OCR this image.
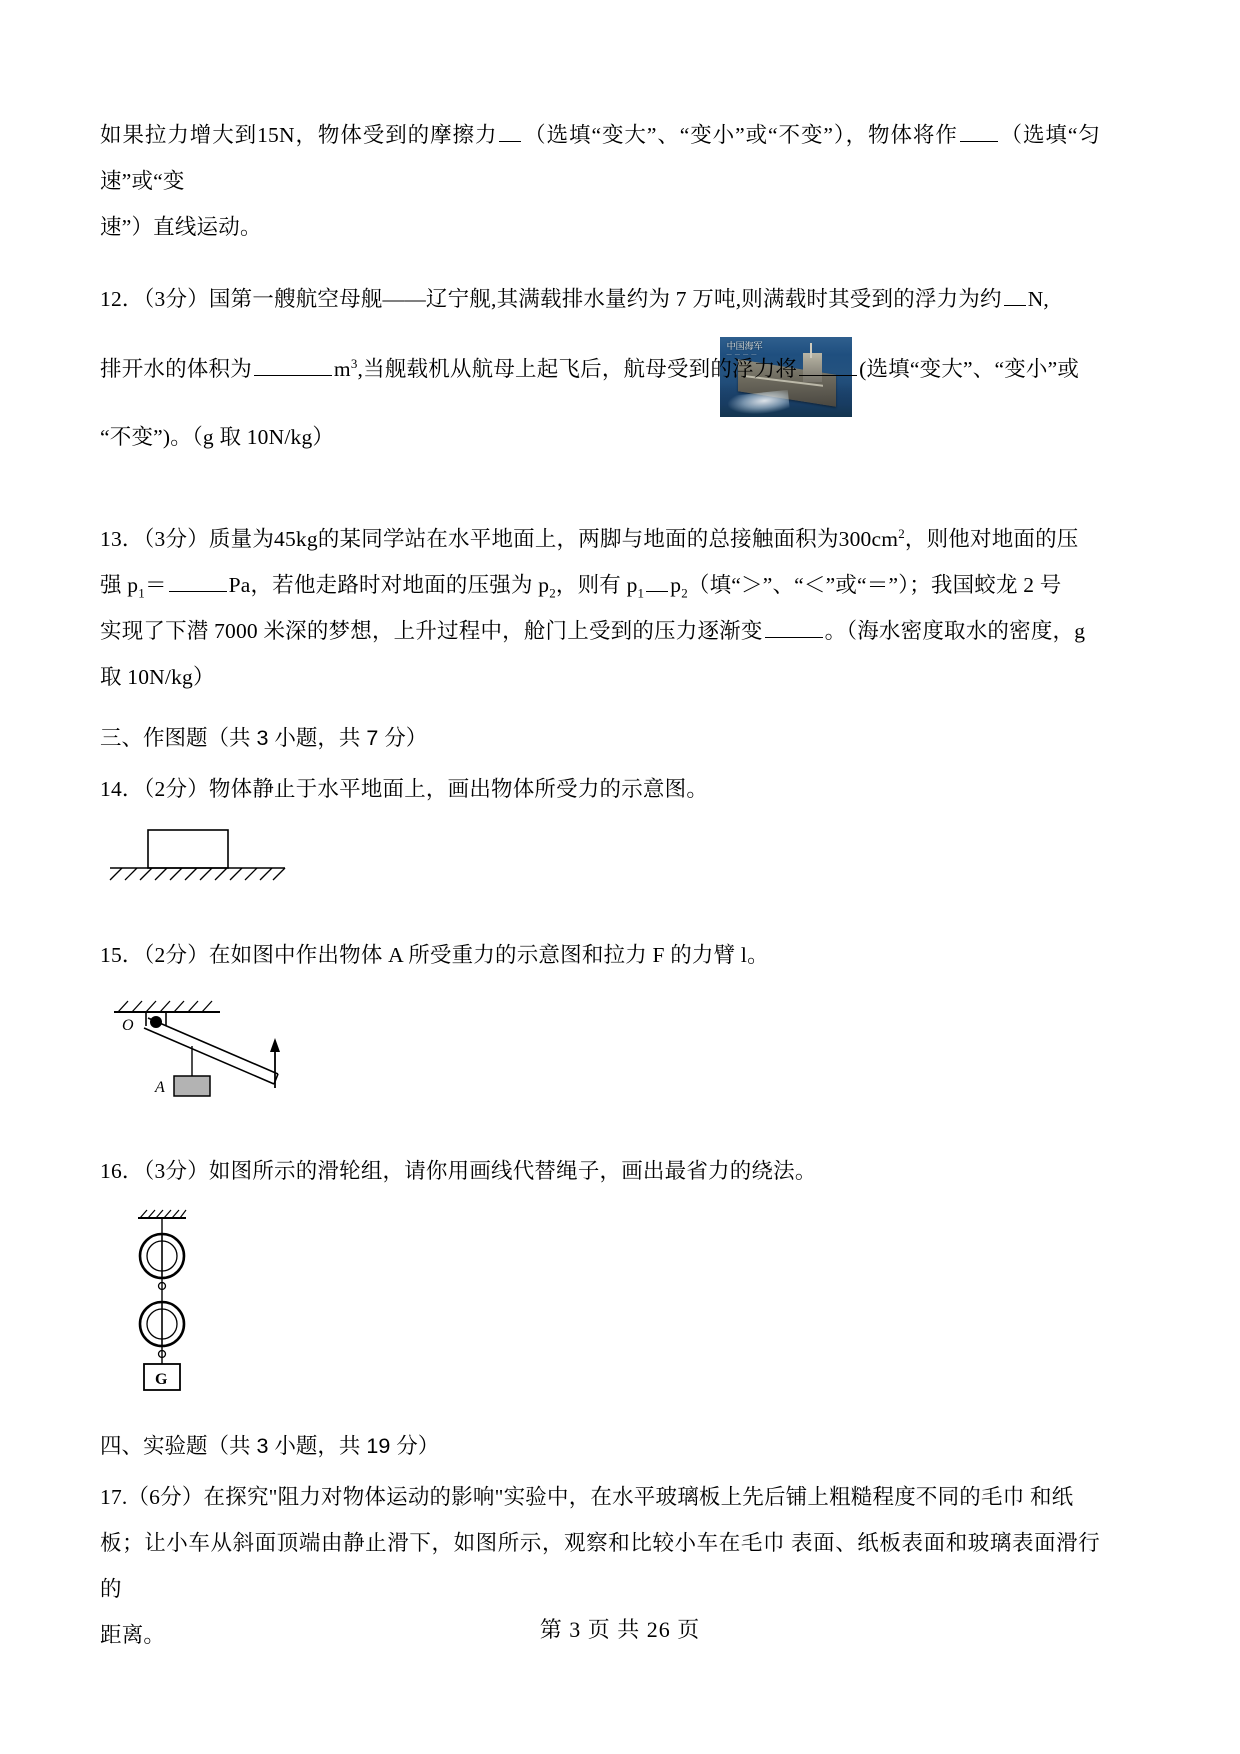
中国海军
— — — —

如果拉力增大到15N，物体受到的摩擦力 （选填“变大”、“变小”或“不变”），物体将作 （选填“匀速”或“变

速”）直线运动。

12．（3分）国第一艘航空母舰——辽宁舰,其满载排水量约为 7 万吨,则满载时其受到的浮力为约 N,

排开水的体积为	$m^3$,当舰载机从航母上起飞后，航母受到的浮力将	(选填“变大”、“变小”或

“不变”)。（g 取 10N/kg）

13．（3分）质量为45kg的某同学站在水平地面上，两脚与地面的总接触面积为$300cm^2$，则他对地面的压

强 $p_1=$	Pa，若他走路时对地面的压强为 $p_2$，则有 $p_1$ $p_2$（填“＞”、“＜”或“＝”）；我国蛟龙 2 号

实现了下潜 7000 米深的梦想，上升过程中，舱门上受到的压力逐渐变	。（海水密度取水的密度，g

取 10N/kg）

三、作图题（共 3 小题，共 7 分）

14．（2分）物体静止于水平地面上，画出物体所受力的示意图。

15．（2分）在如图中作出物体 A 所受重力的示意图和拉力 F 的力臂 l。

O
A

16．（3分）如图所示的滑轮组，请你用画线代替绳子，画出最省力的绕法。

G
四、实验题（共 3 小题，共 19 分）

17.（6分）在探究"阻力对物体运动的影响"实验中，在水平玻璃板上先后铺上粗糙程度不同的毛巾 和纸

板；让小车从斜面顶端由静止滑下，如图所示，观察和比较小车在毛巾 表面、纸板表面和玻璃表面滑行的

距离。	第 3 页 共 26 页
